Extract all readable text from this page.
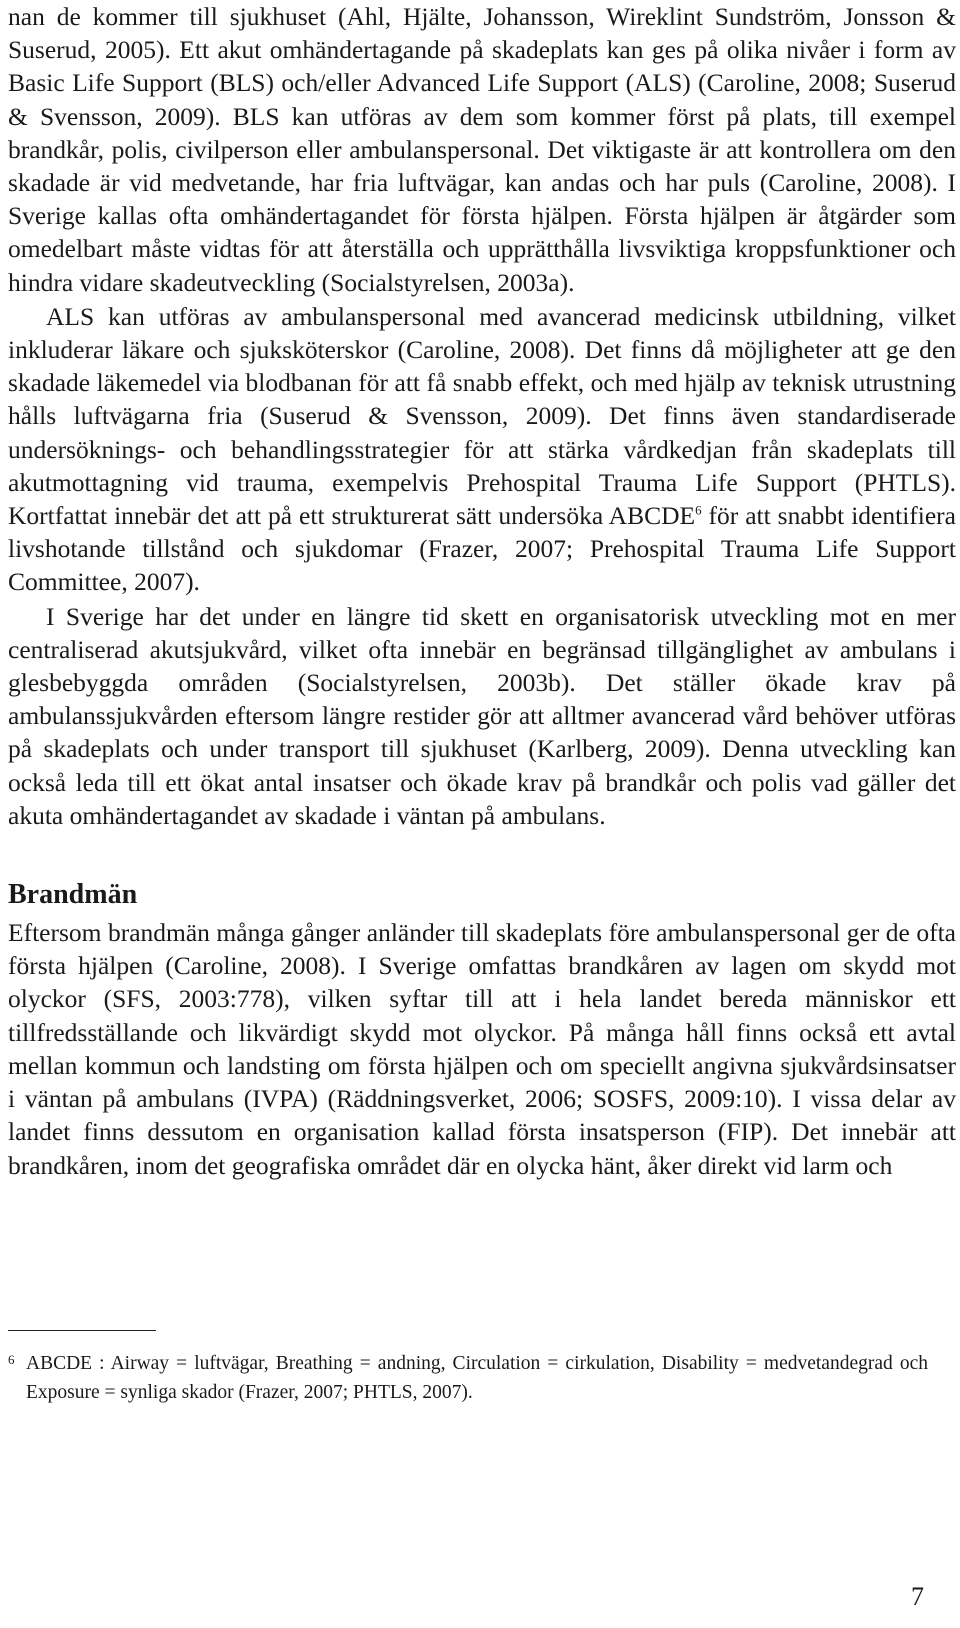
nan de kommer till sjukhuset (Ahl, Hjälte, Johansson, Wireklint Sundström, Jonsson & Suserud, 2005). Ett akut omhändertagande på skadeplats kan ges på olika nivåer i form av Basic Life Support (BLS) och/eller Advanced Life Support (ALS) (Caroline, 2008; Suserud & Svensson, 2009). BLS kan utföras av dem som kommer först på plats, till exempel brandkår, polis, civilperson eller ambulanspersonal. Det viktigaste är att kontrollera om den skadade är vid medvetande, har fria luftvägar, kan andas och har puls (Caroline, 2008). I Sverige kallas ofta omhändertagandet för första hjälpen. Första hjälpen är åtgärder som omedelbart måste vidtas för att återställa och upprätthålla livsviktiga kroppsfunktioner och hindra vidare skadeutveckling (Socialstyrelsen, 2003a).

ALS kan utföras av ambulanspersonal med avancerad medicinsk utbildning, vilket inkluderar läkare och sjuksköterskor (Caroline, 2008). Det finns då möjligheter att ge den skadade läkemedel via blodbanan för att få snabb effekt, och med hjälp av teknisk utrustning hålls luftvägarna fria (Suserud & Svensson, 2009). Det finns även standardiserade undersöknings- och behandlingsstrategier för att stärka vårdkedjan från skadeplats till akutmottagning vid trauma, exempelvis Prehospital Trauma Life Support (PHTLS). Kortfattat innebär det att på ett strukturerat sätt undersöka ABCDE$^6$ för att snabbt identifiera livshotande tillstånd och sjukdomar (Frazer, 2007; Prehospital Trauma Life Support Committee, 2007).

I Sverige har det under en längre tid skett en organisatorisk utveckling mot en mer centraliserad akutsjukvård, vilket ofta innebär en begränsad tillgänglighet av ambulans i glesbebyggda områden (Socialstyrelsen, 2003b). Det ställer ökade krav på ambulanssjukvården eftersom längre restider gör att alltmer avancerad vård behöver utföras på skadeplats och under transport till sjukhuset (Karlberg, 2009). Denna utveckling kan också leda till ett ökat antal insatser och ökade krav på brandkår och polis vad gäller det akuta omhändertagandet av skadade i väntan på ambulans.

Brandmän

Eftersom brandmän många gånger anländer till skadeplats före ambulanspersonal ger de ofta första hjälpen (Caroline, 2008). I Sverige omfattas brandkåren av lagen om skydd mot olyckor (SFS, 2003:778), vilken syftar till att i hela landet bereda människor ett tillfredsställande och likvärdigt skydd mot olyckor. På många håll finns också ett avtal mellan kommun och landsting om första hjälpen och om speciellt angivna sjukvårdsinsatser i väntan på ambulans (IVPA) (Räddningsverket, 2006; SOSFS, 2009:10). I vissa delar av landet finns dessutom en organisation kallad första insatsperson (FIP). Det innebär att brandkåren, inom det geografiska området där en olycka hänt, åker direkt vid larm och

6 ABCDE : Airway = luftvägar, Breathing = andning, Circulation = cirkulation, Disability = medvetandegrad och Exposure = synliga skador (Frazer, 2007; PHTLS, 2007).

7
